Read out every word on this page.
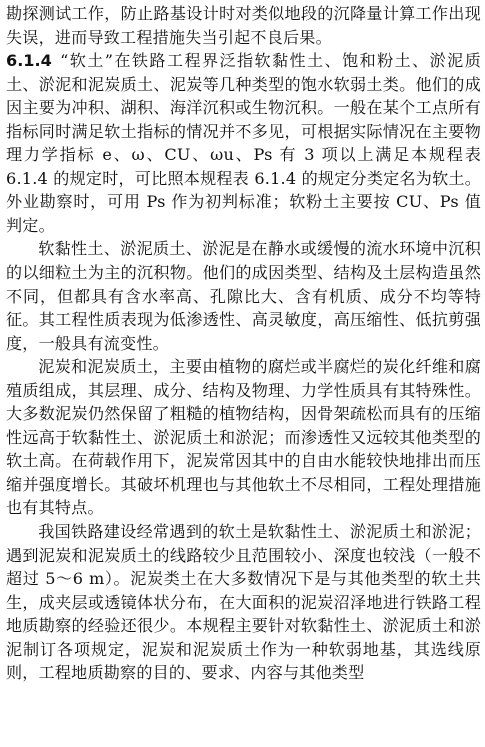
勘探测试工作，防止路基设计时对类似地段的沉降量计算工作出现失误，进而导致工程措施失当引起不良后果。

6.1.4  “软土”在铁路工程界泛指软黏性土、饱和粉土、淤泥质土、淤泥和泥炭质土、泥炭等几种类型的饱水软弱土类。他们的成因主要为冲积、湖积、海洋沉积或生物沉积。一般在某个工点所有指标同时满足软土指标的情况并不多见，可根据实际情况在主要物理力学指标 e、ω、CU、ωu、Ps 有 3 项以上满足本规程表 6.1.4 的规定时，可比照本规程表 6.1.4 的规定分类定名为软土。外业勘察时，可用 Ps 作为初判标准；软粉土主要按 CU、Ps 值判定。

软黏性土、淤泥质土、淤泥是在静水或缓慢的流水环境中沉积的以细粒土为主的沉积物。他们的成因类型、结构及土层构造虽然不同，但都具有含水率高、孔隙比大、含有机质、成分不均等特征。其工程性质表现为低渗透性、高灵敏度，高压缩性、低抗剪强度，一般具有流变性。

泥炭和泥炭质土，主要由植物的腐烂或半腐烂的炭化纤维和腐殖质组成，其层理、成分、结构及物理、力学性质具有其特殊性。大多数泥炭仍然保留了粗糙的植物结构，因骨架疏松而具有的压缩性远高于软黏性土、淤泥质土和淤泥；而渗透性又远较其他类型的软土高。在荷载作用下，泥炭常因其中的自由水能较快地排出而压缩并强度增长。其破坏机理也与其他软土不尽相同，工程处理措施也有其特点。

我国铁路建设经常遇到的软土是软黏性土、淤泥质土和淤泥；遇到泥炭和泥炭质土的线路较少且范围较小、深度也较浅（一般不超过 5～6 m）。泥炭类土在大多数情况下是与其他类型的软土共生，成夹层或透镜体状分布，在大面积的泥炭沼泽地进行铁路工程地质勘察的经验还很少。本规程主要针对软黏性土、淤泥质土和淤泥制订各项规定，泥炭和泥炭质土作为一种软弱地基，其选线原则，工程地质勘察的目的、要求、内容与其他类型
